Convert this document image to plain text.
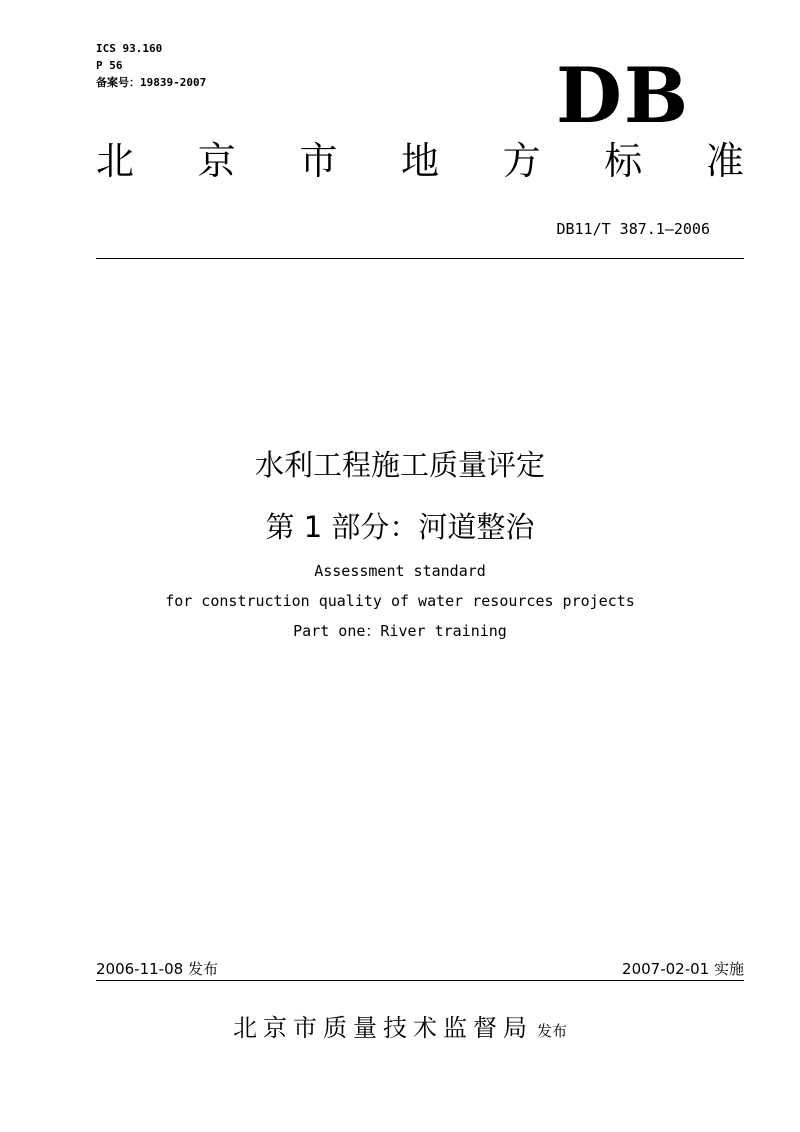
ICS 93.160
P 56
备案号：19839-2007	DB
北 京 市 地 方 标 准
DB11/T 387.1—2006
水利工程施工质量评定
第 1 部分：河道整治
Assessment standard
for construction quality of water resources projects
Part one：River training
2006-11-08 发布	2007-02-01 实施
北京市质量技术监督局 发布
